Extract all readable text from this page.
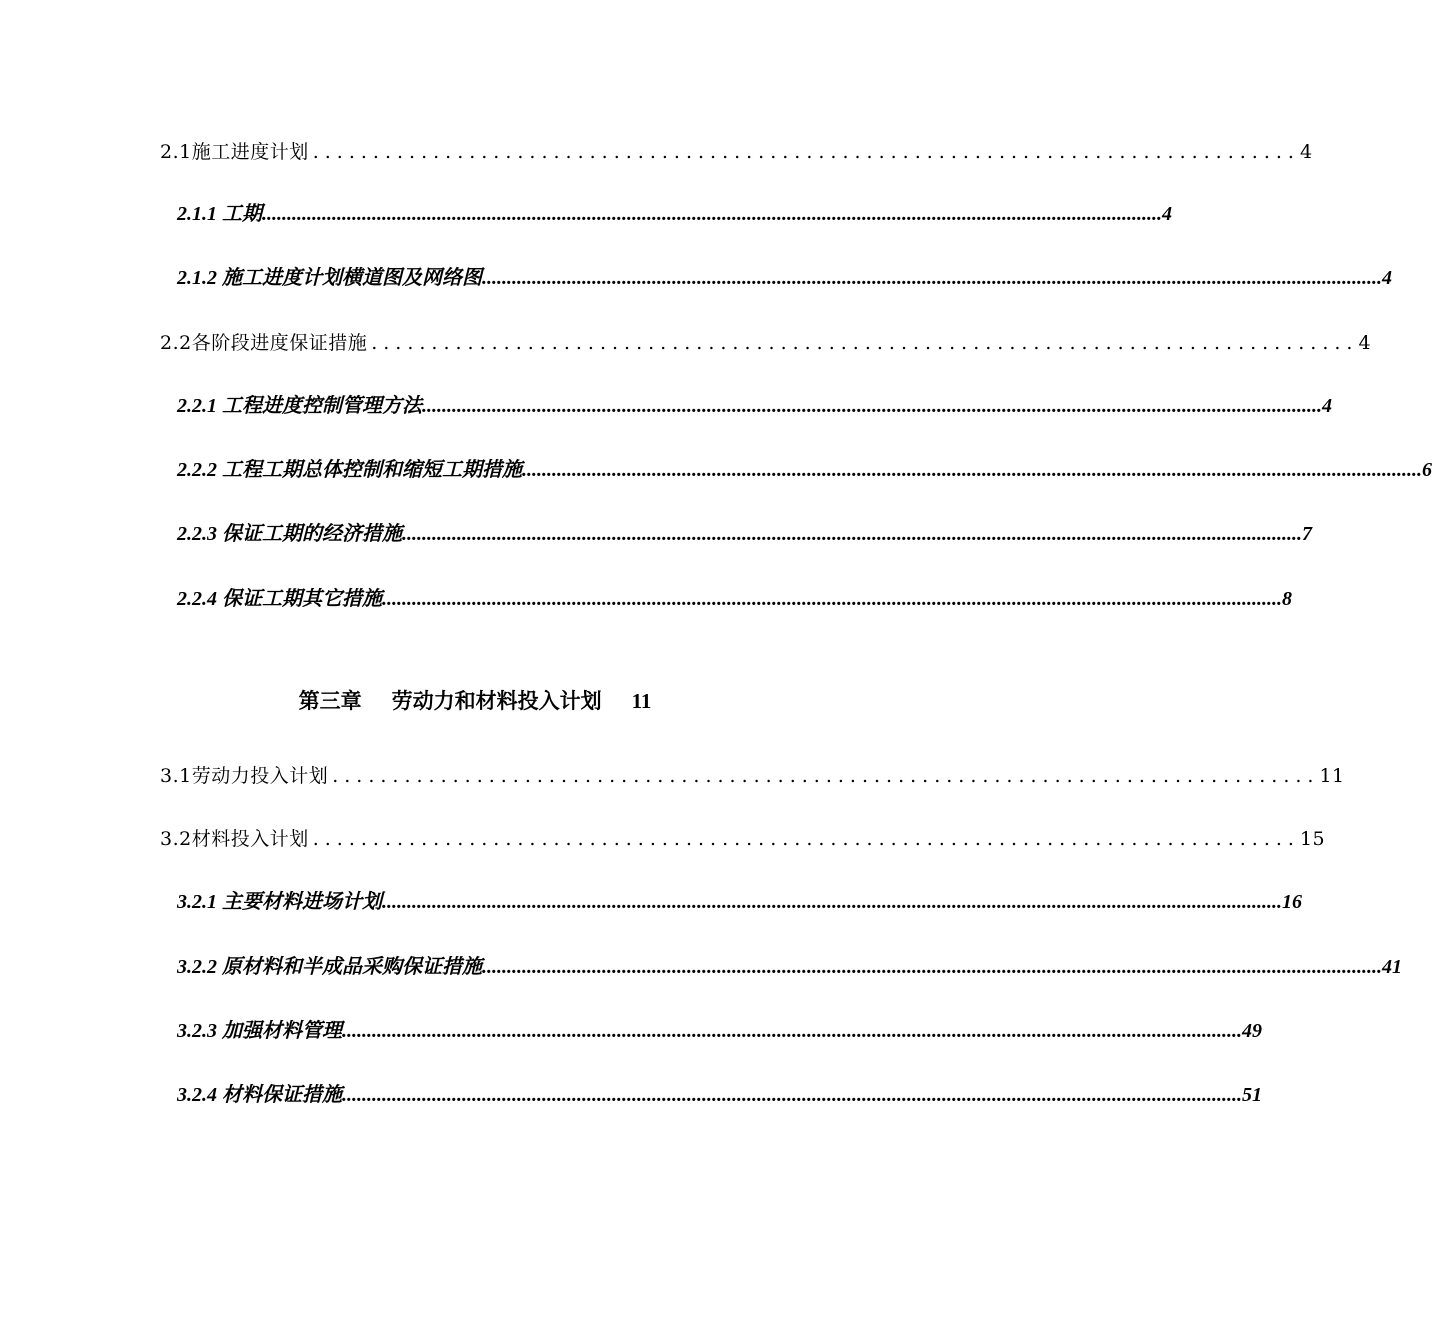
2.1施工进度计划 .................................................................................. 4
2.1.1 工期 .................................................................................................................................................................................... 4
2.1.2 施工进度计划横道图及网络图 .................................................................................................................................................................................... 4
2.2各阶段进度保证措施 .................................................................................. 4
2.2.1 工程进度控制管理方法 .................................................................................................................................................................................... 4
2.2.2 工程工期总体控制和缩短工期措施 .................................................................................................................................................................................... 6
2.2.3 保证工期的经济措施 .................................................................................................................................................................................... 7
2.2.4 保证工期其它措施 .................................................................................................................................................................................... 8
第三章 劳动力和材料投入计划 11
3.1劳动力投入计划 .................................................................................. 11
3.2材料投入计划 .................................................................................. 15
3.2.1 主要材料进场计划 .................................................................................................................................................................................... 16
3.2.2 原材料和半成品采购保证措施 .................................................................................................................................................................................... 41
3.2.3 加强材料管理 .................................................................................................................................................................................... 49
3.2.4 材料保证措施 .................................................................................................................................................................................... 51
